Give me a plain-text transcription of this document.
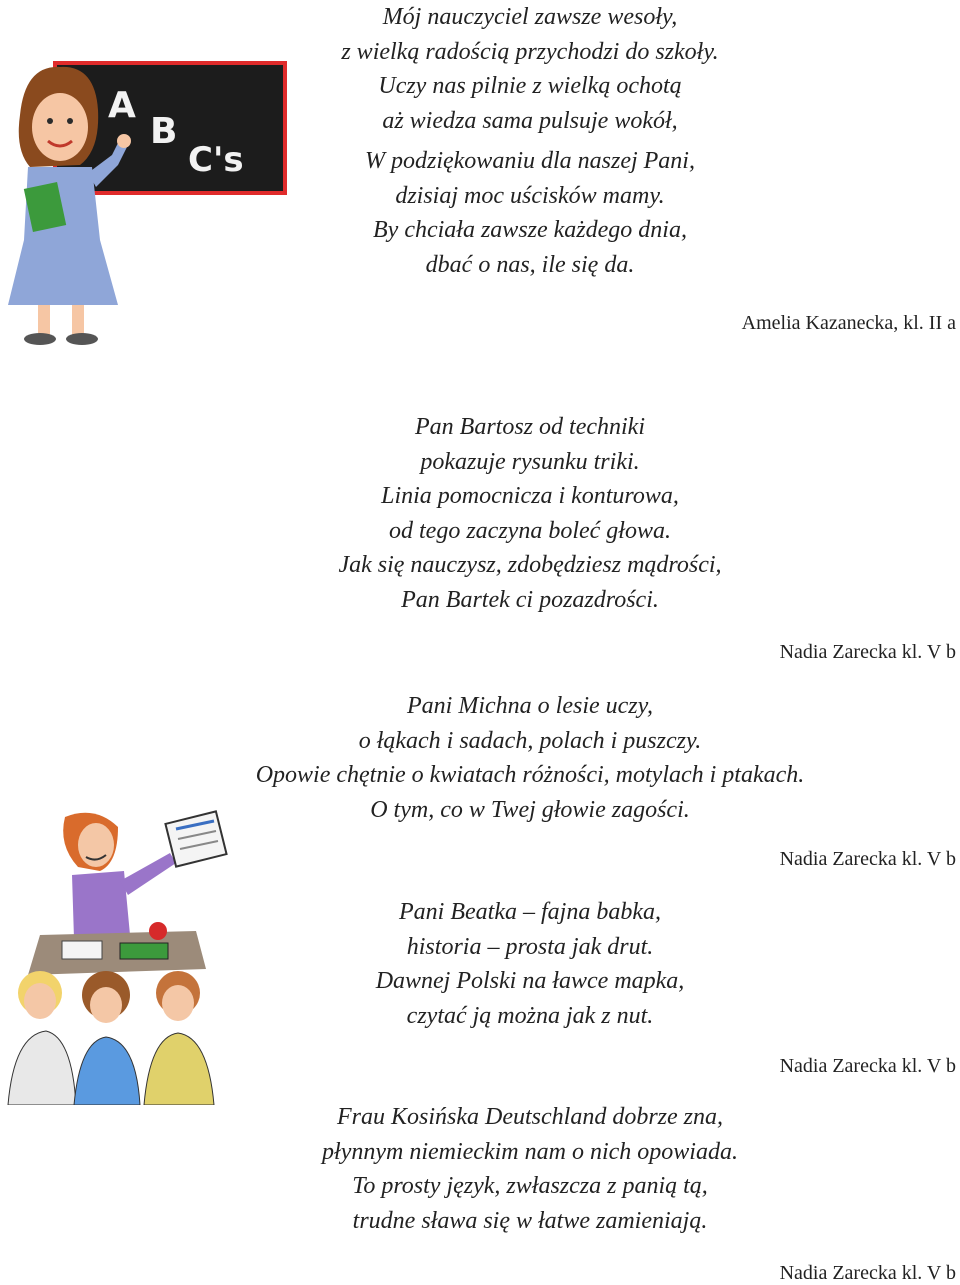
A
B
C's
Mój nauczyciel zawsze wesoły,
z wielką radością przychodzi do szkoły.
Uczy nas pilnie z wielką ochotą
aż wiedza sama pulsuje wokół,
W podziękowaniu dla naszej Pani,
dzisiaj moc uścisków mamy.
By chciała zawsze każdego dnia,
dbać o nas, ile się da.
Amelia Kazanecka, kl. II a
Pan Bartosz od techniki
pokazuje rysunku triki.
Linia pomocnicza i konturowa,
od tego zaczyna boleć głowa.
Jak się nauczysz, zdobędziesz mądrości,
Pan Bartek ci pozazdrości.
Nadia Zarecka kl. V b
Pani Michna o lesie uczy,
o łąkach i sadach, polach i puszczy.
Opowie chętnie o kwiatach różności, motylach i ptakach.
O tym, co w Twej głowie zagości.
Nadia Zarecka kl. V b
Pani Beatka – fajna babka,
historia – prosta jak drut.
Dawnej Polski na ławce mapka,
czytać ją można jak z nut.
Nadia Zarecka kl. V b
Frau Kosińska Deutschland dobrze zna,
płynnym niemieckim nam o nich opowiada.
To prosty język, zwłaszcza z panią tą,
trudne sława się w łatwe zamieniają.
Nadia Zarecka kl. V b
